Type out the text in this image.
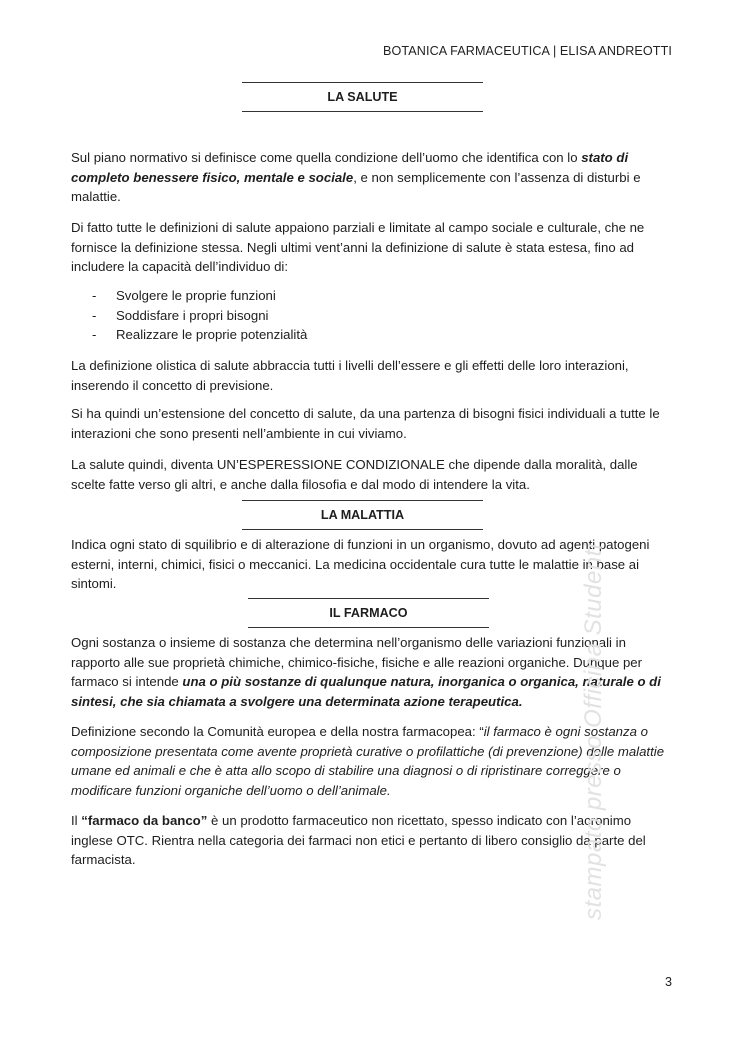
BOTANICA FARMACEUTICA | ELISA ANDREOTTI
LA SALUTE

Sul piano normativo si definisce come quella condizione dell’uomo che identifica con lo stato di completo benessere fisico, mentale e sociale, e non semplicemente con l’assenza di disturbi e malattie.

Di fatto tutte le definizioni di salute appaiono parziali e limitate al campo sociale e culturale, che ne fornisce la definizione stessa. Negli ultimi vent’anni la definizione di salute è stata estesa, fino ad includere la capacità dell’individuo di:

- Svolgere le proprie funzioni
- Soddisfare i propri bisogni
- Realizzare le proprie potenzialità

La definizione olistica di salute abbraccia tutti i livelli dell’essere e gli effetti delle loro interazioni, inserendo il concetto di previsione.

Si ha quindi un’estensione del concetto di salute, da una partenza di bisogni fisici individuali a tutte le interazioni che sono presenti nell’ambiente in cui viviamo.

La salute quindi, diventa UN’ESPERESSIONE CONDIZIONALE che dipende dalla moralità, dalle scelte fatte verso gli altri, e anche dalla filosofia e dal modo di intendere la vita.

LA MALATTIA

Indica ogni stato di squilibrio e di alterazione di funzioni in un organismo, dovuto ad agenti patogeni esterni, interni, chimici, fisici o meccanici. La medicina occidentale cura tutte le malattie in base ai sintomi.

IL FARMACO

Ogni sostanza o insieme di sostanza che determina nell’organismo delle variazioni funzionali in rapporto alle sue proprietà chimiche, chimico-fisiche, fisiche e alle reazioni organiche. Dunque per farmaco si intende una o più sostanze di qualunque natura, inorganica o organica, naturale o di sintesi, che sia chiamata a svolgere una determinata azione terapeutica.

Definizione secondo la Comunità europea e della nostra farmacopea: “il farmaco è ogni sostanza o composizione presentata come avente proprietà curative o profilattiche (di prevenzione) delle malattie umane ed animali e che è atta allo scopo di stabilire una diagnosi o di ripristinare correggere o modificare funzioni organiche dell’uomo o dell’animale.

Il “farmaco da banco” è un prodotto farmaceutico non ricettato, spesso indicato con l’acronimo inglese OTC. Rientra nella categoria dei farmaci non etici e pertanto di libero consiglio da parte del farmacista.	stampato presso Officina Studenti
3
